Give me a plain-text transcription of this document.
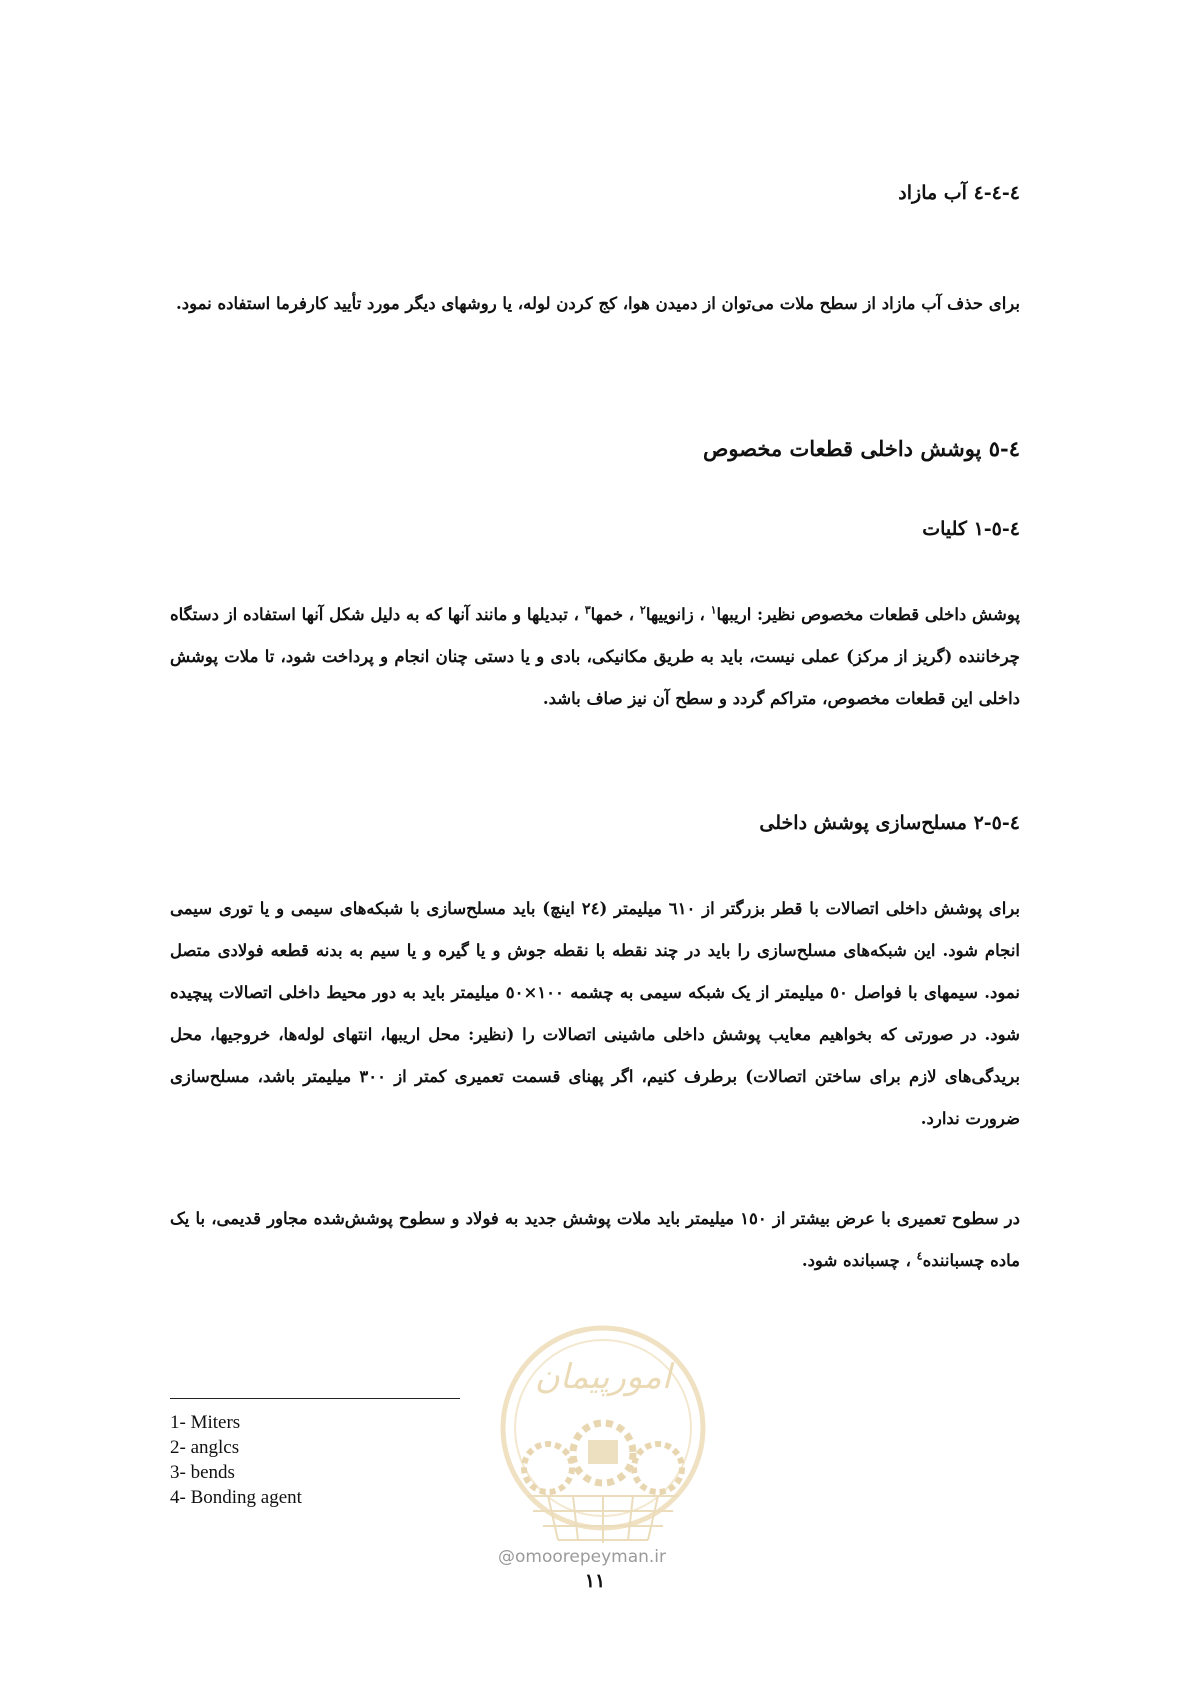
٤-٤-٤ آب مازاد

برای حذف آب مازاد از سطح ملات می‌توان از دمیدن هوا، کج کردن لوله، یا روشهای دیگر مورد تأیید کارفرما استفاده نمود.

٤-٥ پوشش داخلی قطعات مخصوص
٤-٥-١ کلیات

پوشش داخلی قطعات مخصوص نظیر: اریبها$^١$ ، زانوییها$^٢$ ، خمها$^٣$ ، تبدیلها و مانند آنها که به دلیل شکل آنها استفاده از دستگاه چرخاننده (گریز از مرکز) عملی نیست، باید به طریق مکانیکی، بادی و یا دستی چنان انجام و پرداخت شود، تا ملات پوشش داخلی این قطعات مخصوص، متراکم گردد و سطح آن نیز صاف باشد.

٤-٥-٢ مسلح‌سازی پوشش داخلی

برای پوشش داخلی اتصالات با قطر بزرگتر از ٦١٠ میلیمتر (٢٤ اینچ) باید مسلح‌سازی با شبکه‌های سیمی و یا توری سیمی انجام شود. این شبکه‌های مسلح‌سازی را باید در چند نقطه با نقطه جوش و یا گیره و یا سیم به بدنه قطعه فولادی متصل نمود. سیمهای با فواصل ٥٠ میلیمتر از یک شبکه سیمی به چشمه ١٠٠×٥٠ میلیمتر باید به دور محیط داخلی اتصالات پیچیده شود. در صورتی که بخواهیم معایب پوشش داخلی ماشینی اتصالات را (نظیر: محل اریبها، انتهای لوله‌ها، خروجیها، محل بریدگی‌های لازم برای ساختن اتصالات) برطرف کنیم، اگر پهنای قسمت تعمیری کمتر از ٣٠٠ میلیمتر باشد، مسلح‌سازی ضرورت ندارد.

در سطوح تعمیری با عرض بیشتر از ١٥٠ میلیمتر باید ملات پوشش جدید به فولاد و سطوح پوشش‌شده مجاور قدیمی، با یک ماده چسباننده$^٤$ ، چسبانده شود.

امورپیمان
@omoorepeyman.ir
1- Miters
2- anglcs
3- bends
4- Bonding agent
١١
